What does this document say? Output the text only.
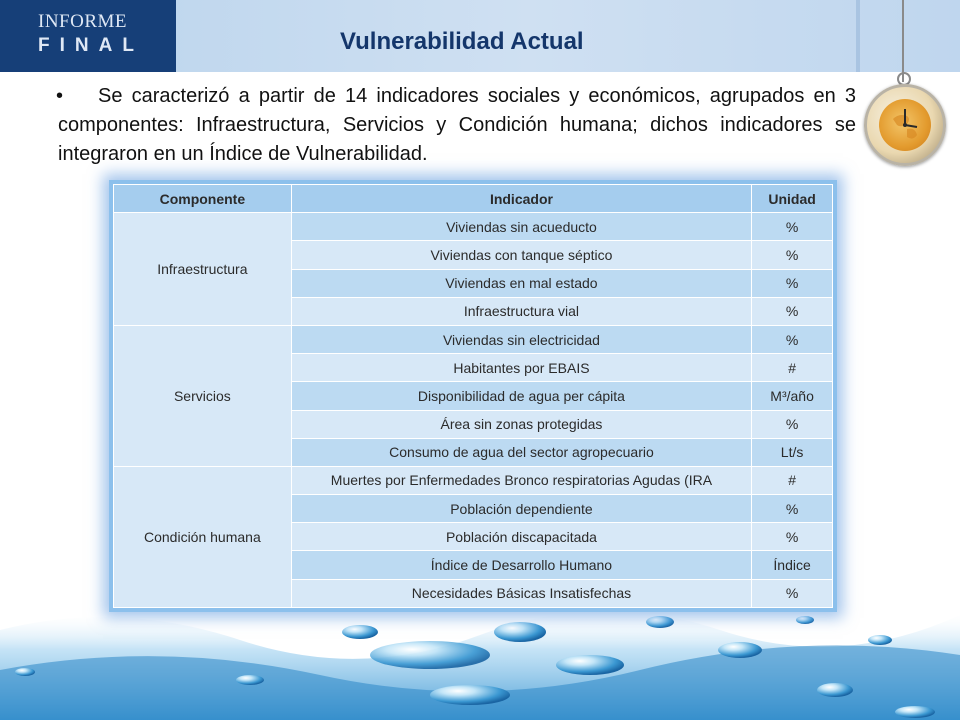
INFORME
FINAL	Vulnerabilidad Actual
•	Se caracterizó a partir de 14 indicadores sociales y económicos, agrupados en 3 componentes: Infraestructura, Servicios y Condición humana; dichos indicadores se integraron en un Índice de Vulnerabilidad.
Componente	Indicador	Unidad
Infraestructura	Viviendas sin acueducto	%
	Viviendas con tanque séptico	%
	Viviendas en mal estado	%
	Infraestructura vial	%
Servicios	Viviendas sin electricidad	%
	Habitantes por EBAIS	#
	Disponibilidad de agua per cápita	M³/año
	Área sin zonas protegidas	%
	Consumo de agua del sector agropecuario	Lt/s
Condición humana	Muertes por Enfermedades Bronco respiratorias Agudas (IRA	#
	Población dependiente	%
	Población discapacitada	%
	Índice de Desarrollo Humano	Índice
	Necesidades Básicas Insatisfechas	%
